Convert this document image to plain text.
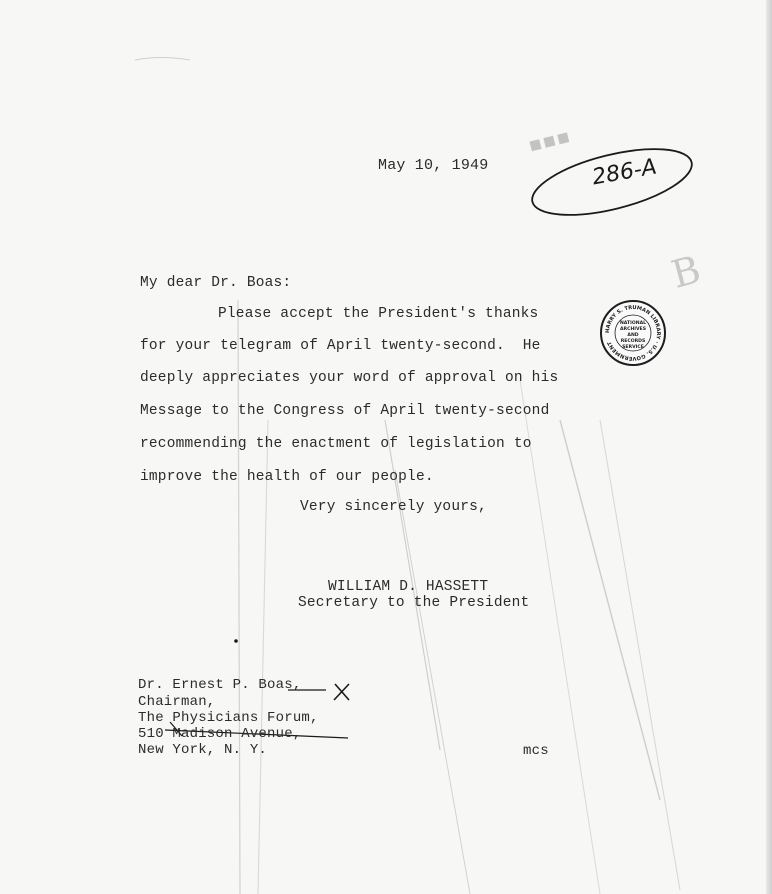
■■■
B
286-A
HARRY S. TRUMAN LIBRARY · U.S. GOVERNMENT
NATIONAL ARCHIVES AND RECORDS SERVICE
May 10, 1949
My dear Dr. Boas:
Please accept the President's thanks
for your telegram of April twenty-second.  He
deeply appreciates your word of approval on his
Message to the Congress of April twenty-second
recommending the enactment of legislation to
improve the health of our people.
Very sincerely yours,
WILLIAM D. HASSETT
Secretary to the President
Dr. Ernest P. Boas,
Chairman,
The Physicians Forum,
510 Madison Avenue,
New York, N. Y.	mcs
